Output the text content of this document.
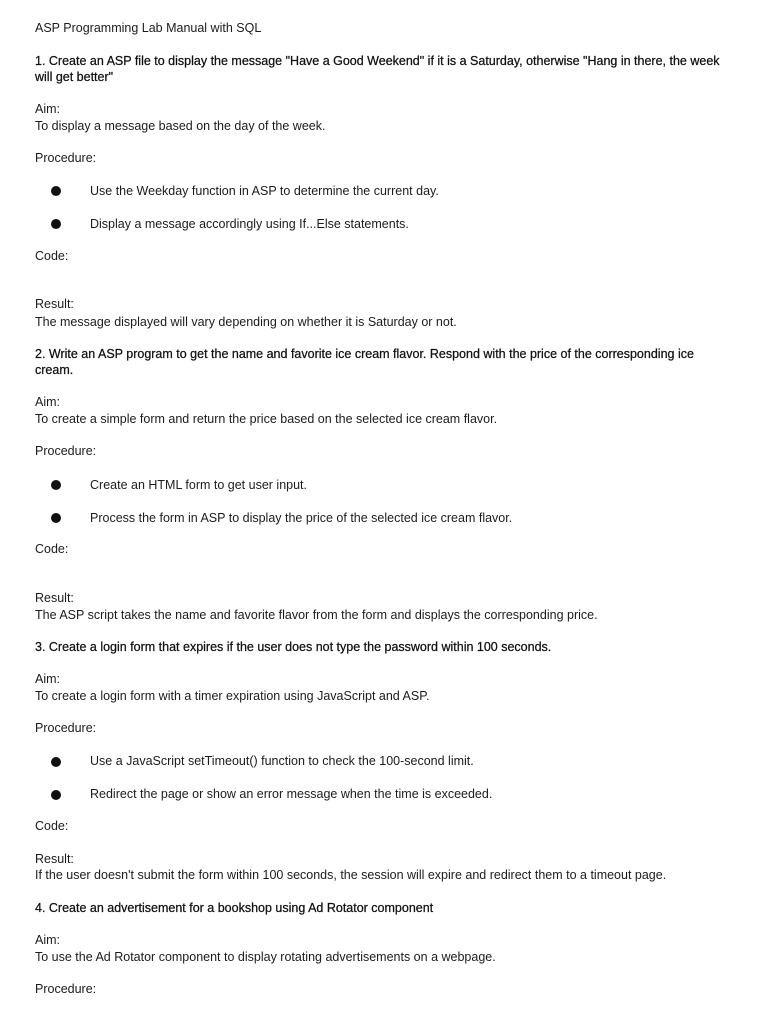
ASP Programming Lab Manual with SQL
1. Create an ASP file to display the message "Have a Good Weekend" if it is a Saturday, otherwise "Hang in there, the week will get better"
Aim:
To display a message based on the day of the week.
Procedure:
Use the Weekday function in ASP to determine the current day.
Display a message accordingly using If...Else statements.
Code:
Result:
The message displayed will vary depending on whether it is Saturday or not.
2. Write an ASP program to get the name and favorite ice cream flavor. Respond with the price of the corresponding ice cream.
Aim:
To create a simple form and return the price based on the selected ice cream flavor.
Procedure:
Create an HTML form to get user input.
Process the form in ASP to display the price of the selected ice cream flavor.
Code:
Result:
The ASP script takes the name and favorite flavor from the form and displays the corresponding price.
3. Create a login form that expires if the user does not type the password within 100 seconds.
Aim:
To create a login form with a timer expiration using JavaScript and ASP.
Procedure:
Use a JavaScript setTimeout() function to check the 100-second limit.
Redirect the page or show an error message when the time is exceeded.
Code:
Result:
If the user doesn't submit the form within 100 seconds, the session will expire and redirect them to a timeout page.
4. Create an advertisement for a bookshop using Ad Rotator component
Aim:
To use the Ad Rotator component to display rotating advertisements on a webpage.
Procedure:
